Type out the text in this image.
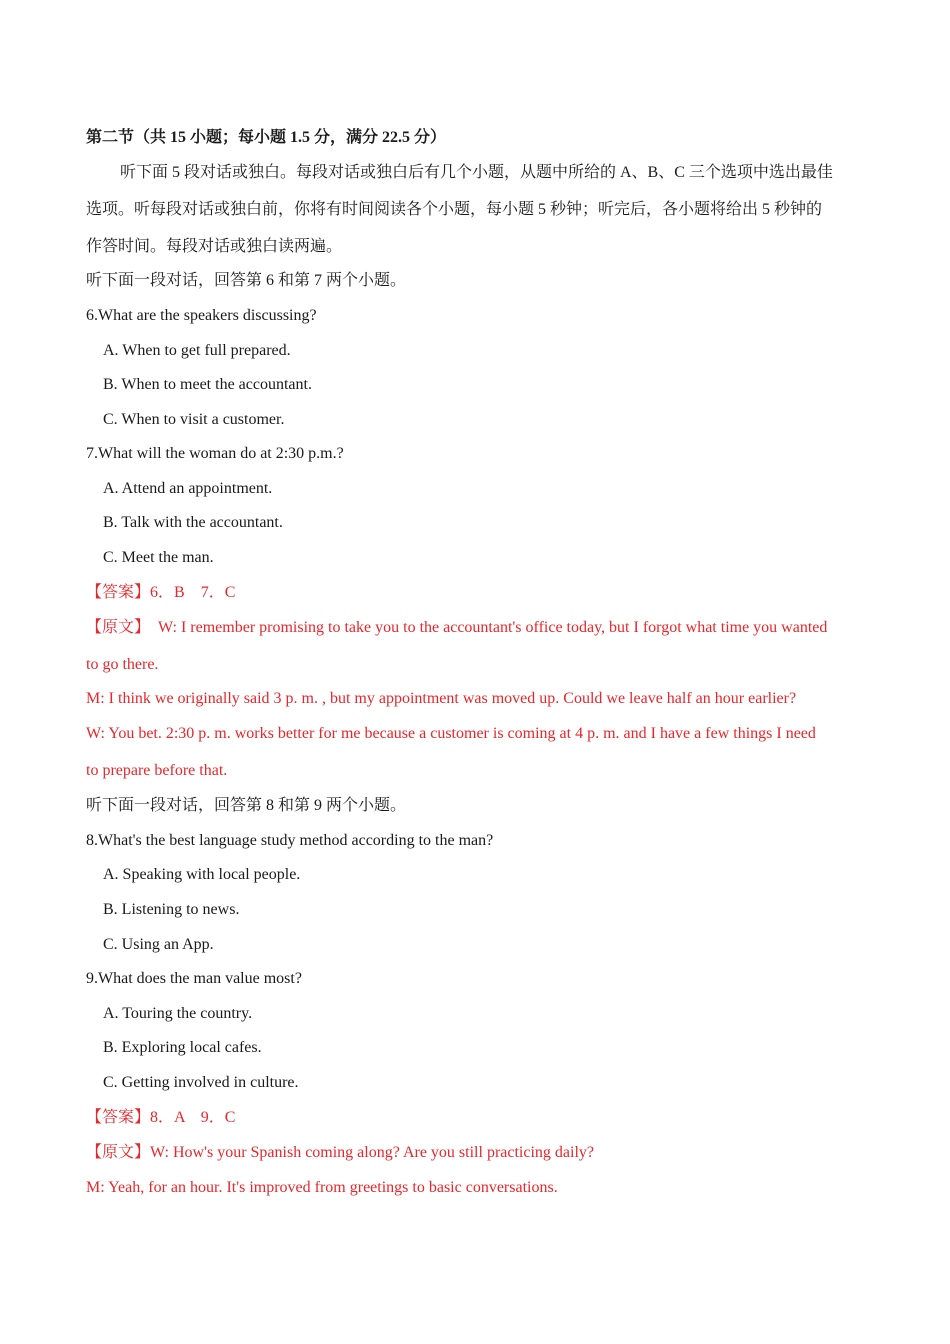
第二节（共 15 小题；每小题 1.5 分，满分 22.5 分）
听下面 5 段对话或独白。每段对话或独白后有几个小题，从题中所给的 A、B、C 三个选项中选出最佳
选项。听每段对话或独白前，你将有时间阅读各个小题，每小题 5 秒钟；听完后，各小题将给出 5 秒钟的
作答时间。每段对话或独白读两遍。
听下面一段对话，回答第 6 和第 7 两个小题。
6.What are the speakers discussing?
A. When to get full prepared.
B. When to meet the accountant.
C. When to visit a customer.
7.What will the woman do at 2:30 p.m.?
A. Attend an appointment.
B. Talk with the accountant.
C. Meet the man.
【答案】6．B　7．C
【原文】  W: I remember promising to take you to the accountant's office today, but I forgot what time you wanted
to go there.
M: I think we originally said 3 p. m. , but my appointment was moved up. Could we leave half an hour earlier?
W: You bet. 2:30 p. m. works better for me because a customer is coming at 4 p. m. and I have a few things I need
to prepare before that.
听下面一段对话，回答第 8 和第 9 两个小题。
8.What's the best language study method according to the man?
A. Speaking with local people.
B. Listening to news.
C. Using an App.
9.What does the man value most?
A. Touring the country.
B. Exploring local cafes.
C. Getting involved in culture.
【答案】8．A　9．C
【原文】W: How's your Spanish coming along? Are you still practicing daily?
M: Yeah, for an hour. It's improved from greetings to basic conversations.
